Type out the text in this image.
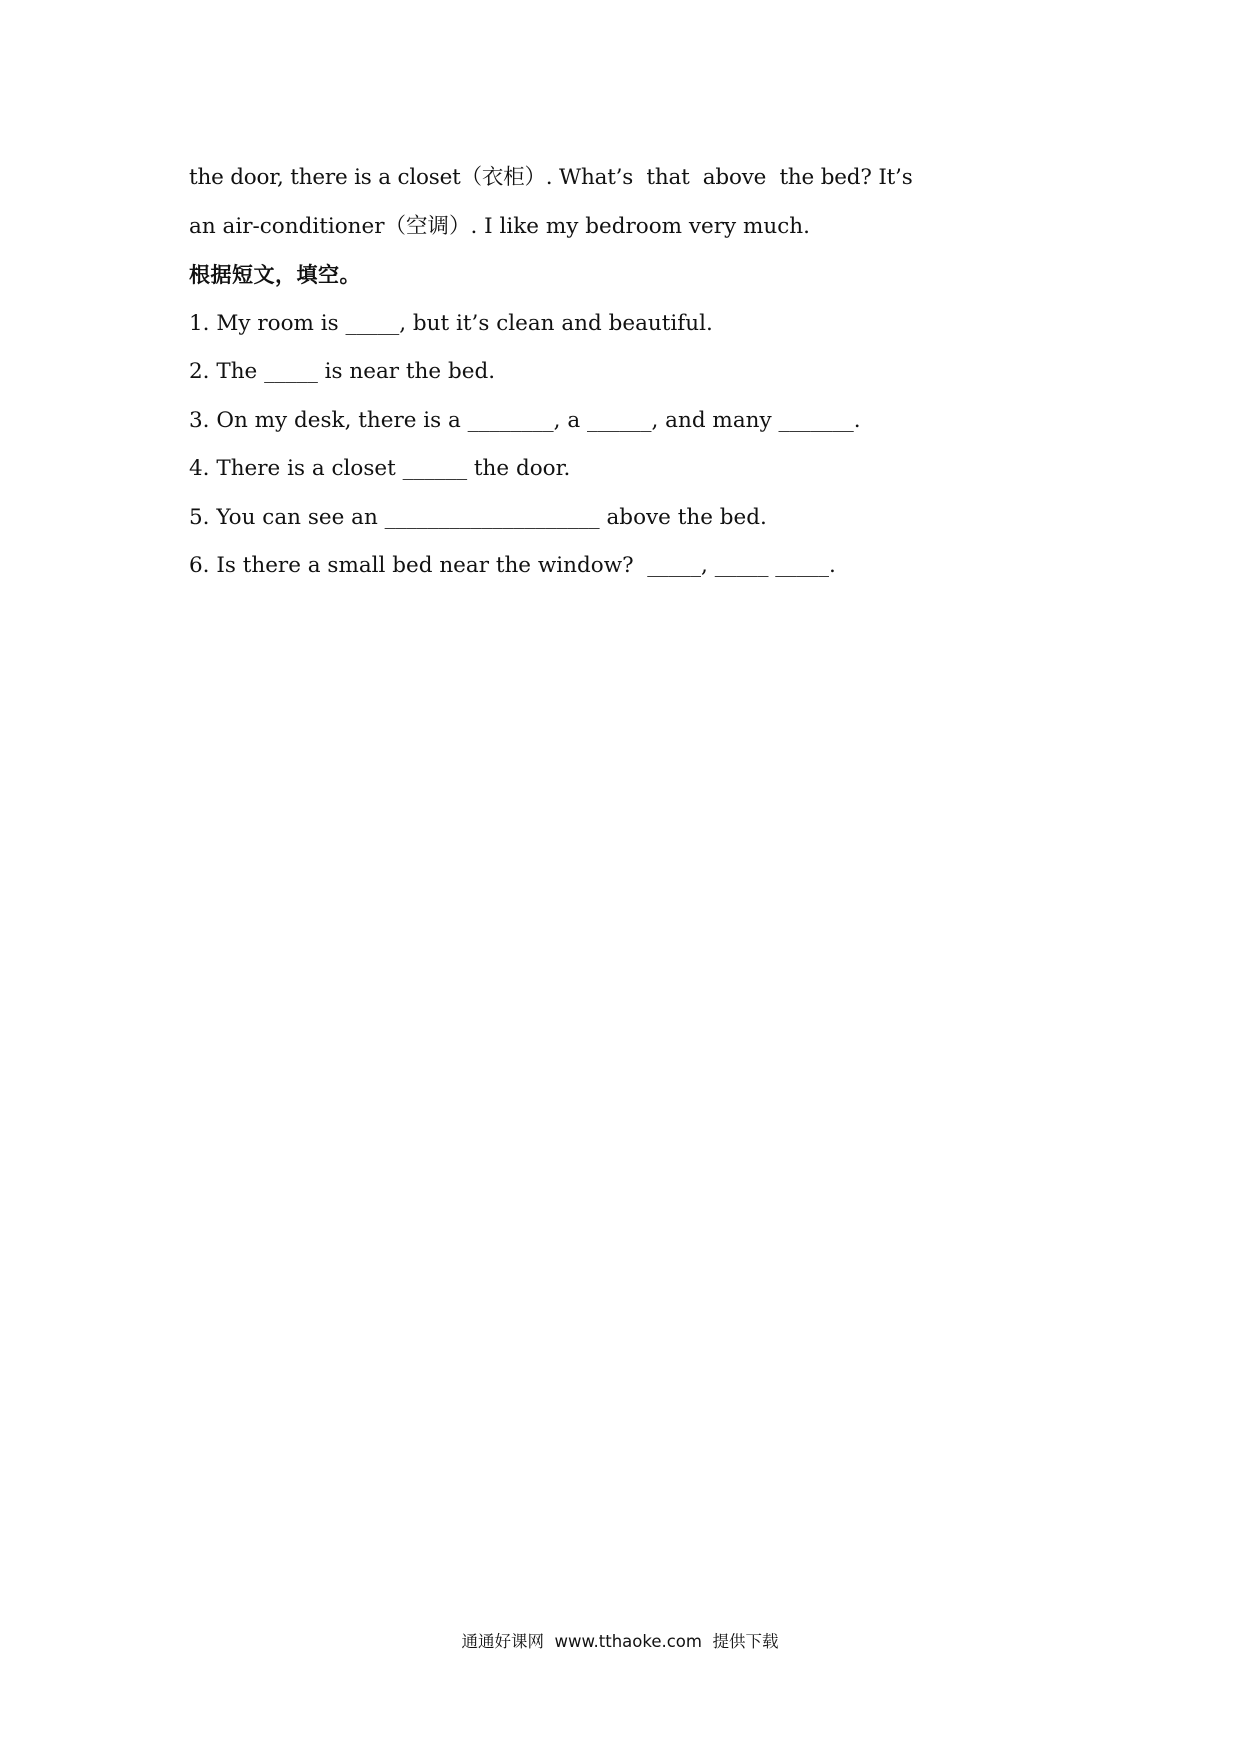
the door, there is a closet（衣柜）. What’s  that  above  the bed? It’s
an air-conditioner（空调）. I like my bedroom very much.
根据短文，填空。
1. My room is _____, but it’s clean and beautiful.
2. The _____ is near the bed.
3. On my desk, there is a ________, a ______, and many _______.
4. There is a closet ______ the door.
5. You can see an ____________________ above the bed.
6. Is there a small bed near the window?  _____, _____ _____.
通通好课网  www.tthaoke.com  提供下载
